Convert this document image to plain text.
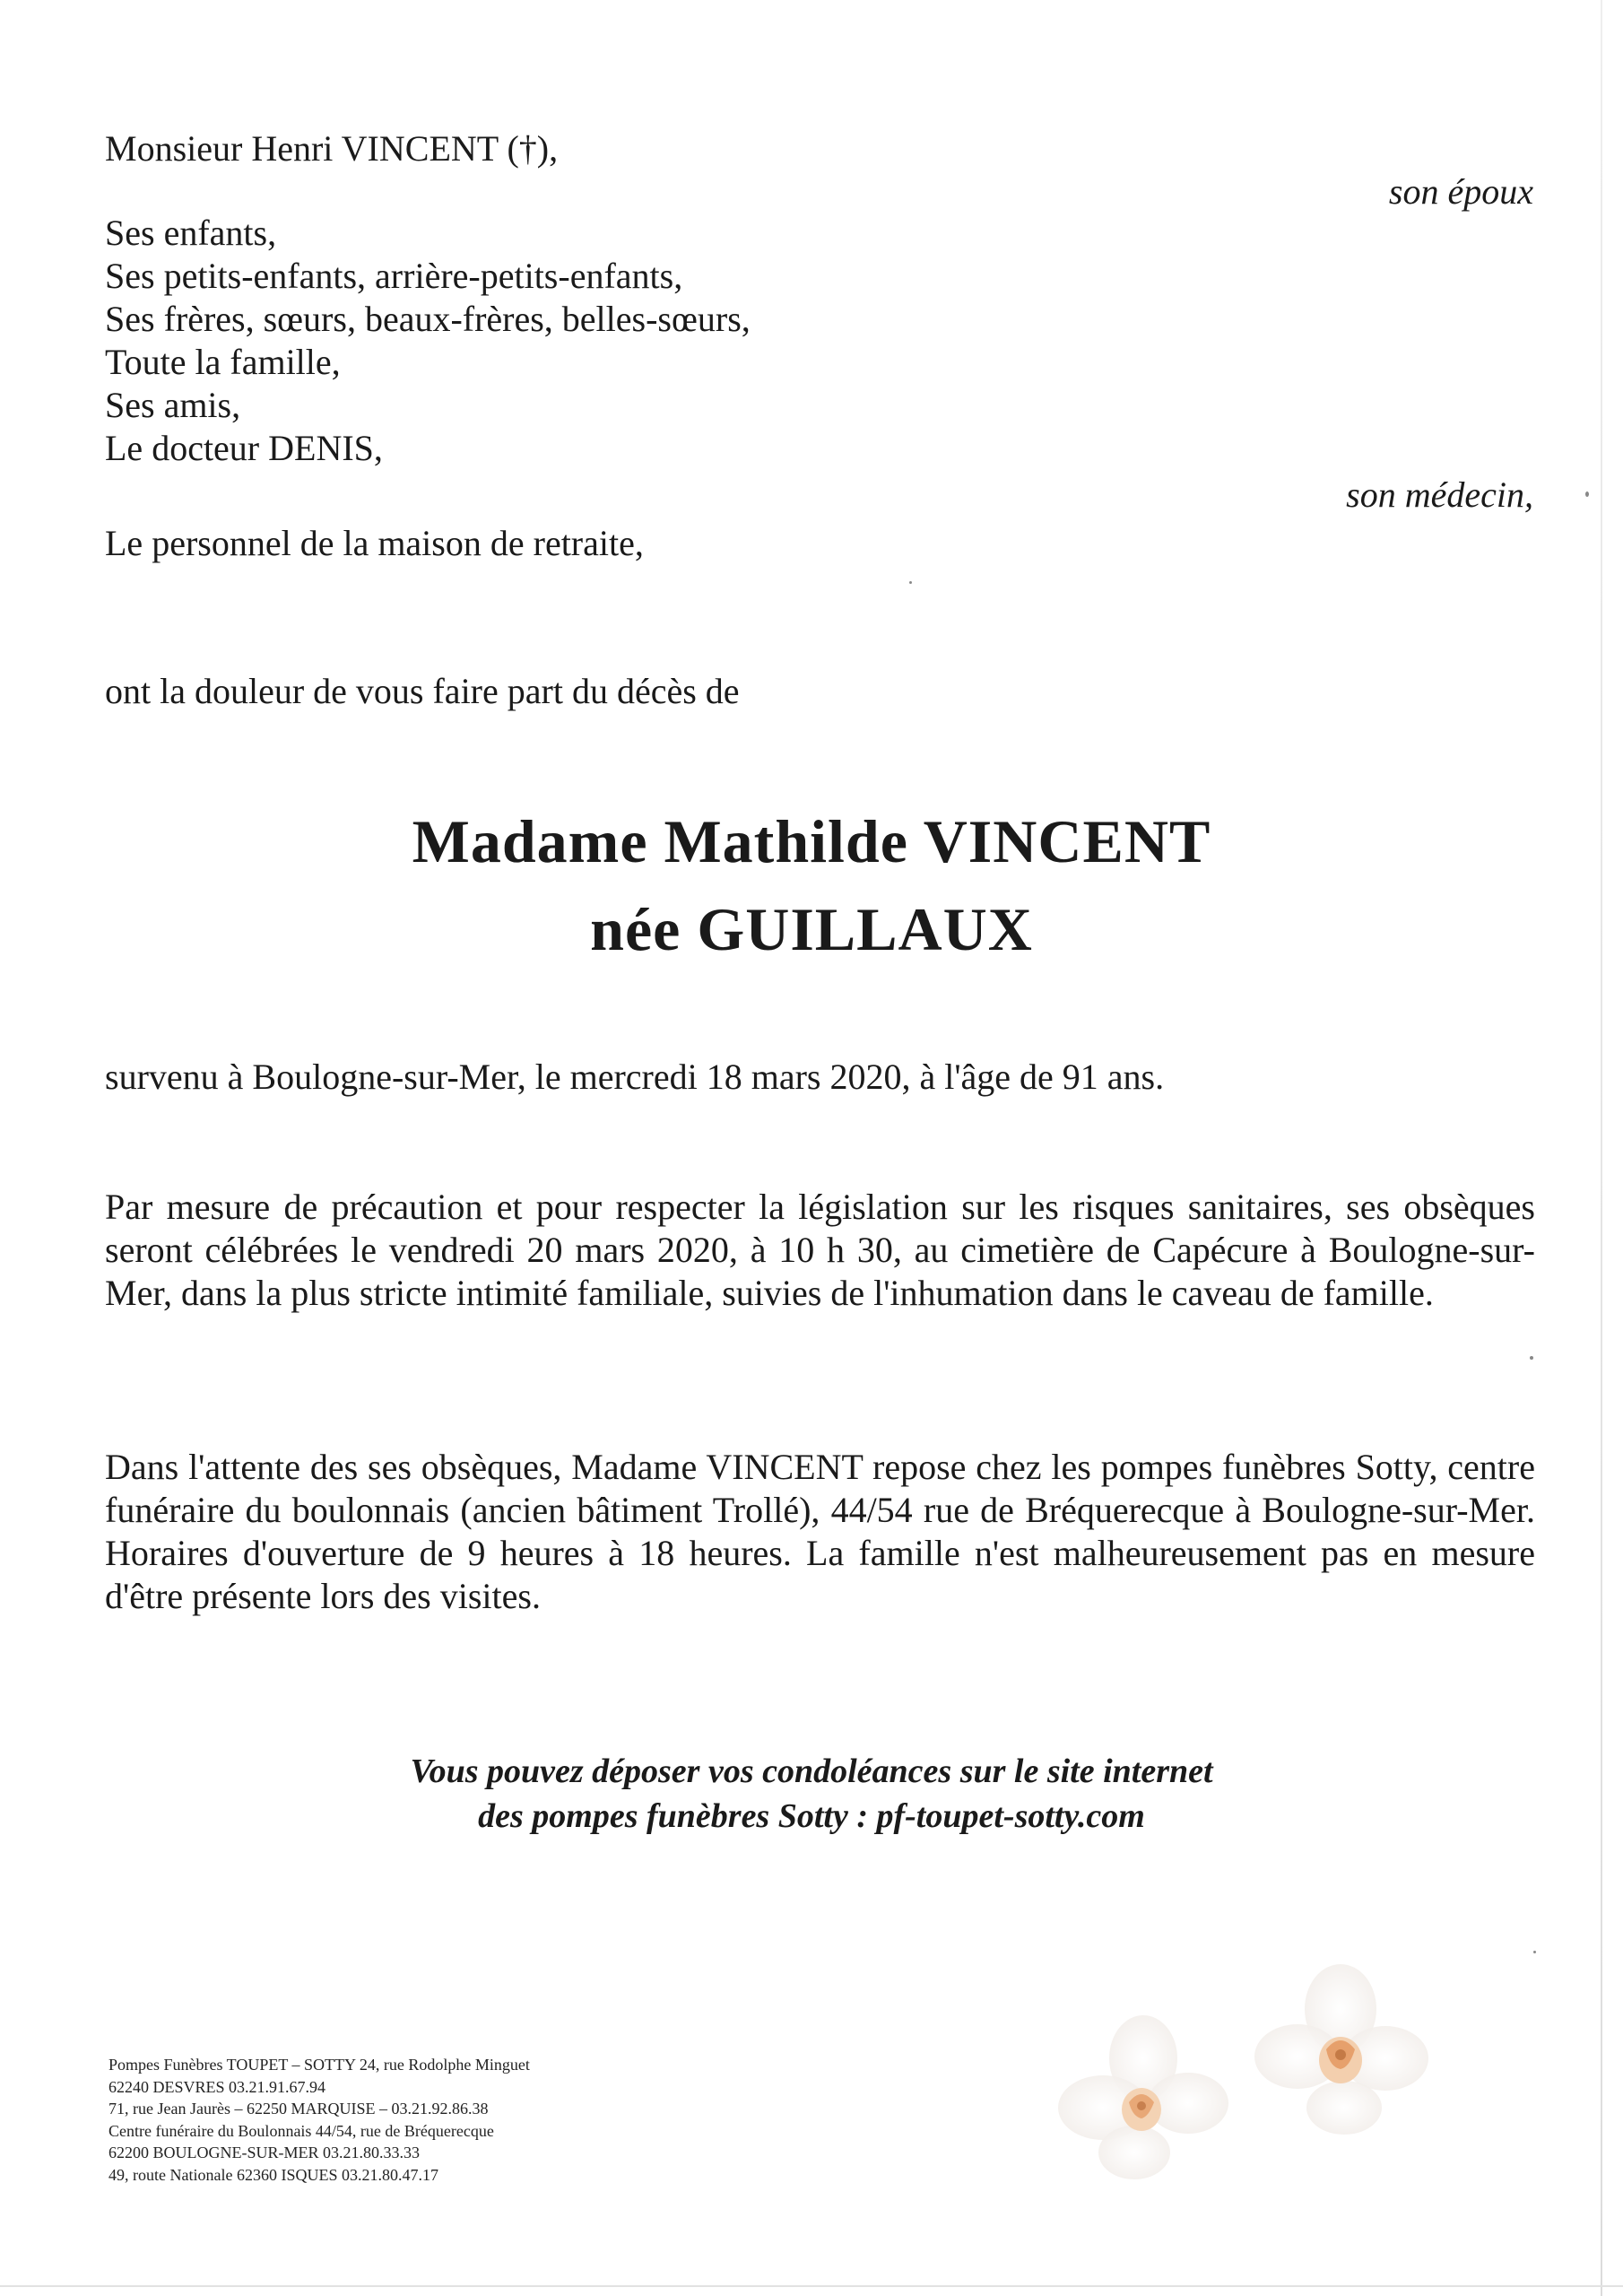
Monsieur Henri VINCENT (†),
son époux
Ses enfants,
Ses petits-enfants, arrière-petits-enfants,
Ses frères, sœurs, beaux-frères, belles-sœurs,
Toute la famille,
Ses amis,
Le docteur DENIS,
son médecin,
Le personnel de la maison de retraite,
ont la douleur de vous faire part du décès de
Madame Mathilde VINCENT
née GUILLAUX
survenu à Boulogne-sur-Mer, le mercredi 18 mars 2020, à l'âge de 91 ans.
Par mesure de précaution et pour respecter la législation sur les risques sanitaires, ses obsèques seront célébrées le vendredi 20 mars 2020, à 10 h 30, au cimetière de Capécure à Boulogne-sur-Mer, dans la plus stricte intimité familiale, suivies de l'inhumation dans le caveau de famille.
Dans l'attente des ses obsèques, Madame VINCENT repose chez les pompes funèbres Sotty, centre funéraire du boulonnais (ancien bâtiment Trollé), 44/54 rue de Bréquerecque à Boulogne-sur-Mer. Horaires d'ouverture de 9 heures à 18 heures. La famille n'est malheureusement pas en mesure d'être présente lors des visites.
Vous pouvez déposer vos condoléances sur le site internet
des pompes funèbres Sotty : pf-toupet-sotty.com
Pompes Funèbres TOUPET – SOTTY 24, rue Rodolphe Minguet
62240 DESVRES 03.21.91.67.94
71, rue Jean Jaurès – 62250 MARQUISE – 03.21.92.86.38
Centre funéraire du Boulonnais 44/54, rue de Bréquerecque
62200 BOULOGNE-SUR-MER 03.21.80.33.33
49, route Nationale 62360 ISQUES 03.21.80.47.17
